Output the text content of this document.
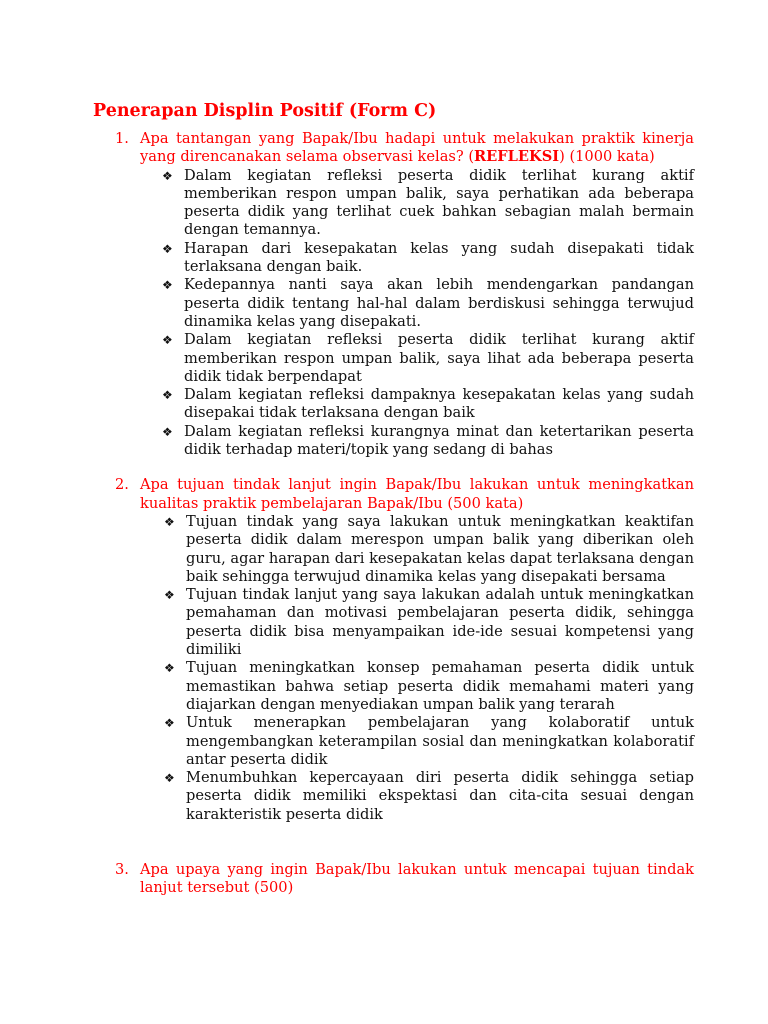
Penerapan Displin Positif (Form C)
1. Apa tantangan yang Bapak/Ibu hadapi untuk melakukan praktik kinerja yang direncanakan selama observasi kelas? (REFLEKSI) (1000 kata)
❖ Dalam kegiatan refleksi peserta didik terlihat kurang aktif memberikan respon umpan balik, saya perhatikan ada beberapa peserta didik yang terlihat cuek bahkan sebagian malah bermain dengan temannya.
❖ Harapan dari kesepakatan kelas yang sudah disepakati tidak terlaksana dengan baik.
❖ Kedepannya nanti saya akan lebih mendengarkan pandangan peserta didik tentang hal-hal dalam berdiskusi sehingga terwujud dinamika kelas yang disepakati.
❖ Dalam kegiatan refleksi peserta didik terlihat kurang aktif memberikan respon umpan balik, saya lihat ada beberapa peserta didik tidak berpendapat
❖ Dalam kegiatan refleksi dampaknya kesepakatan kelas yang sudah disepakai tidak terlaksana dengan baik
❖ Dalam kegiatan refleksi kurangnya minat dan ketertarikan peserta didik terhadap materi/topik yang sedang di bahas
2. Apa tujuan tindak lanjut ingin Bapak/Ibu lakukan untuk meningkatkan kualitas praktik pembelajaran Bapak/Ibu (500 kata)
❖ Tujuan tindak yang saya lakukan untuk meningkatkan keaktifan peserta didik dalam merespon umpan balik yang diberikan oleh guru, agar harapan dari kesepakatan kelas dapat terlaksana dengan baik sehingga terwujud dinamika kelas yang disepakati bersama
❖ Tujuan tindak lanjut yang saya lakukan adalah untuk meningkatkan pemahaman dan motivasi pembelajaran peserta didik, sehingga peserta didik bisa menyampaikan ide-ide sesuai kompetensi yang dimiliki
❖ Tujuan meningkatkan konsep pemahaman peserta didik untuk memastikan bahwa setiap peserta didik memahami materi yang diajarkan dengan menyediakan umpan balik yang terarah
❖ Untuk menerapkan pembelajaran yang kolaboratif untuk mengembangkan keterampilan sosial dan meningkatkan kolaboratif antar peserta didik
❖ Menumbuhkan kepercayaan diri peserta didik sehingga setiap peserta didik memiliki ekspektasi dan cita-cita sesuai dengan karakteristik peserta didik
3. Apa upaya yang ingin Bapak/Ibu lakukan untuk mencapai tujuan tindak lanjut tersebut (500)
